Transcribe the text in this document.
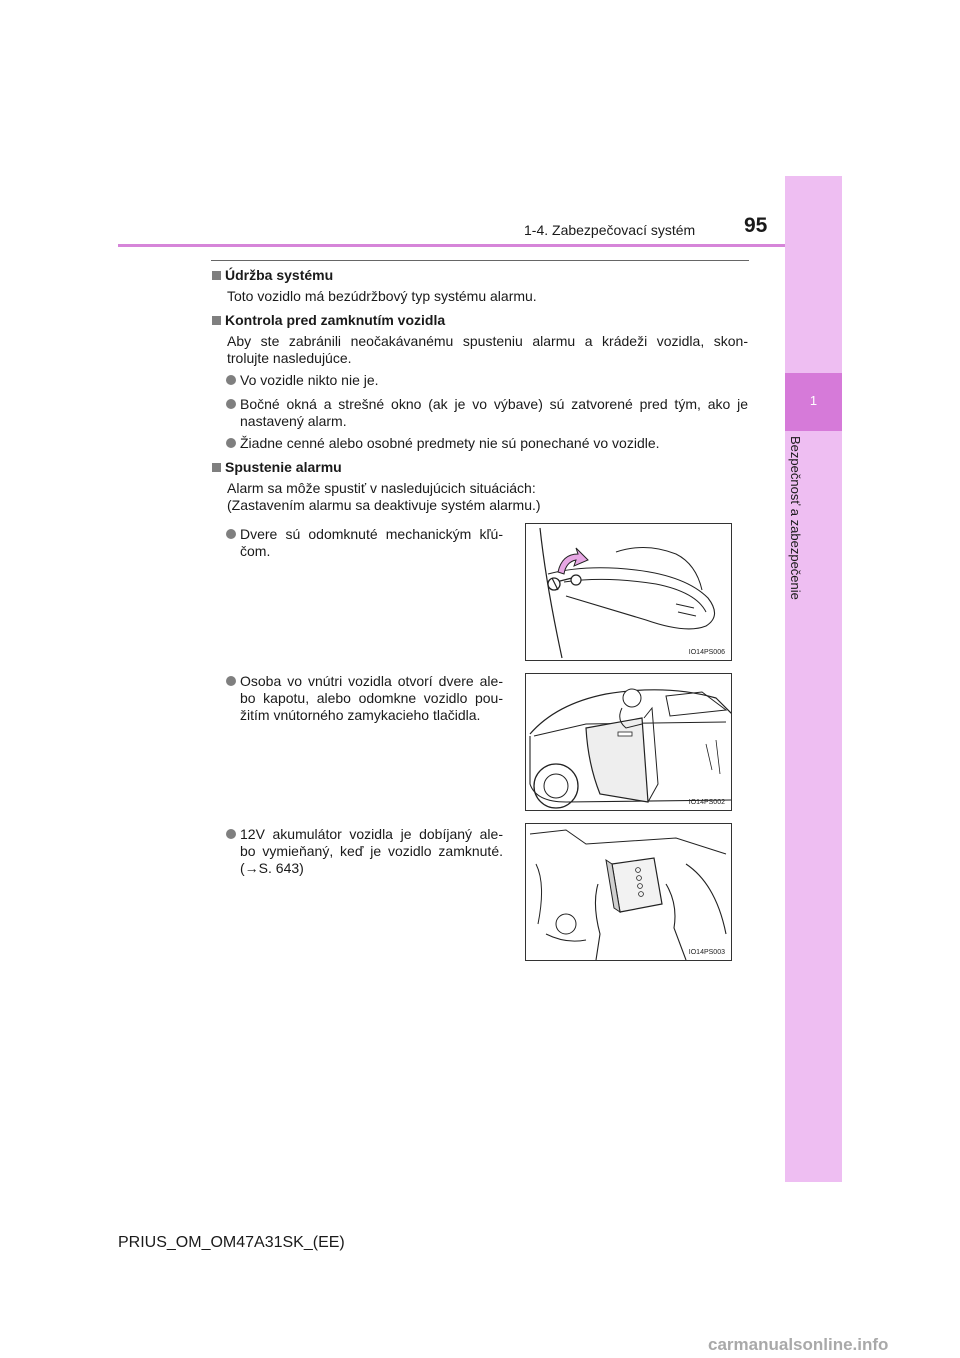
1
Bezpečnosť a zabezpečenie
1-4. Zabezpečovací systém 95
Údržba systému
Toto vozidlo má bezúdržbový typ systému alarmu.
Kontrola pred zamknutím vozidla
Aby ste zabránili neočakávanému spusteniu alarmu a krádeži vozidla, skon-
trolujte nasledujúce.
Vo vozidle nikto nie je.
Bočné okná a strešné okno (ak je vo výbave) sú zatvorené pred tým, ako je
nastavený alarm.
Žiadne cenné alebo osobné predmety nie sú ponechané vo vozidle.
Spustenie alarmu
Alarm sa môže spustiť v nasledujúcich situáciách:
(Zastavením alarmu sa deaktivuje systém alarmu.)
Dvere sú odomknuté mechanickým kľú-
čom.
IO14PS006
Osoba vo vnútri vozidla otvorí dvere ale-
bo kapotu, alebo odomkne vozidlo pou-
žitím vnútorného zamykacieho tlačidla.
IO14PS002
12V akumulátor vozidla je dobíjaný ale-
bo vymieňaný, keď je vozidlo zamknuté.
(→S. 643)
IO14PS003
PRIUS_OM_OM47A31SK_(EE)
carmanualsonline.info
